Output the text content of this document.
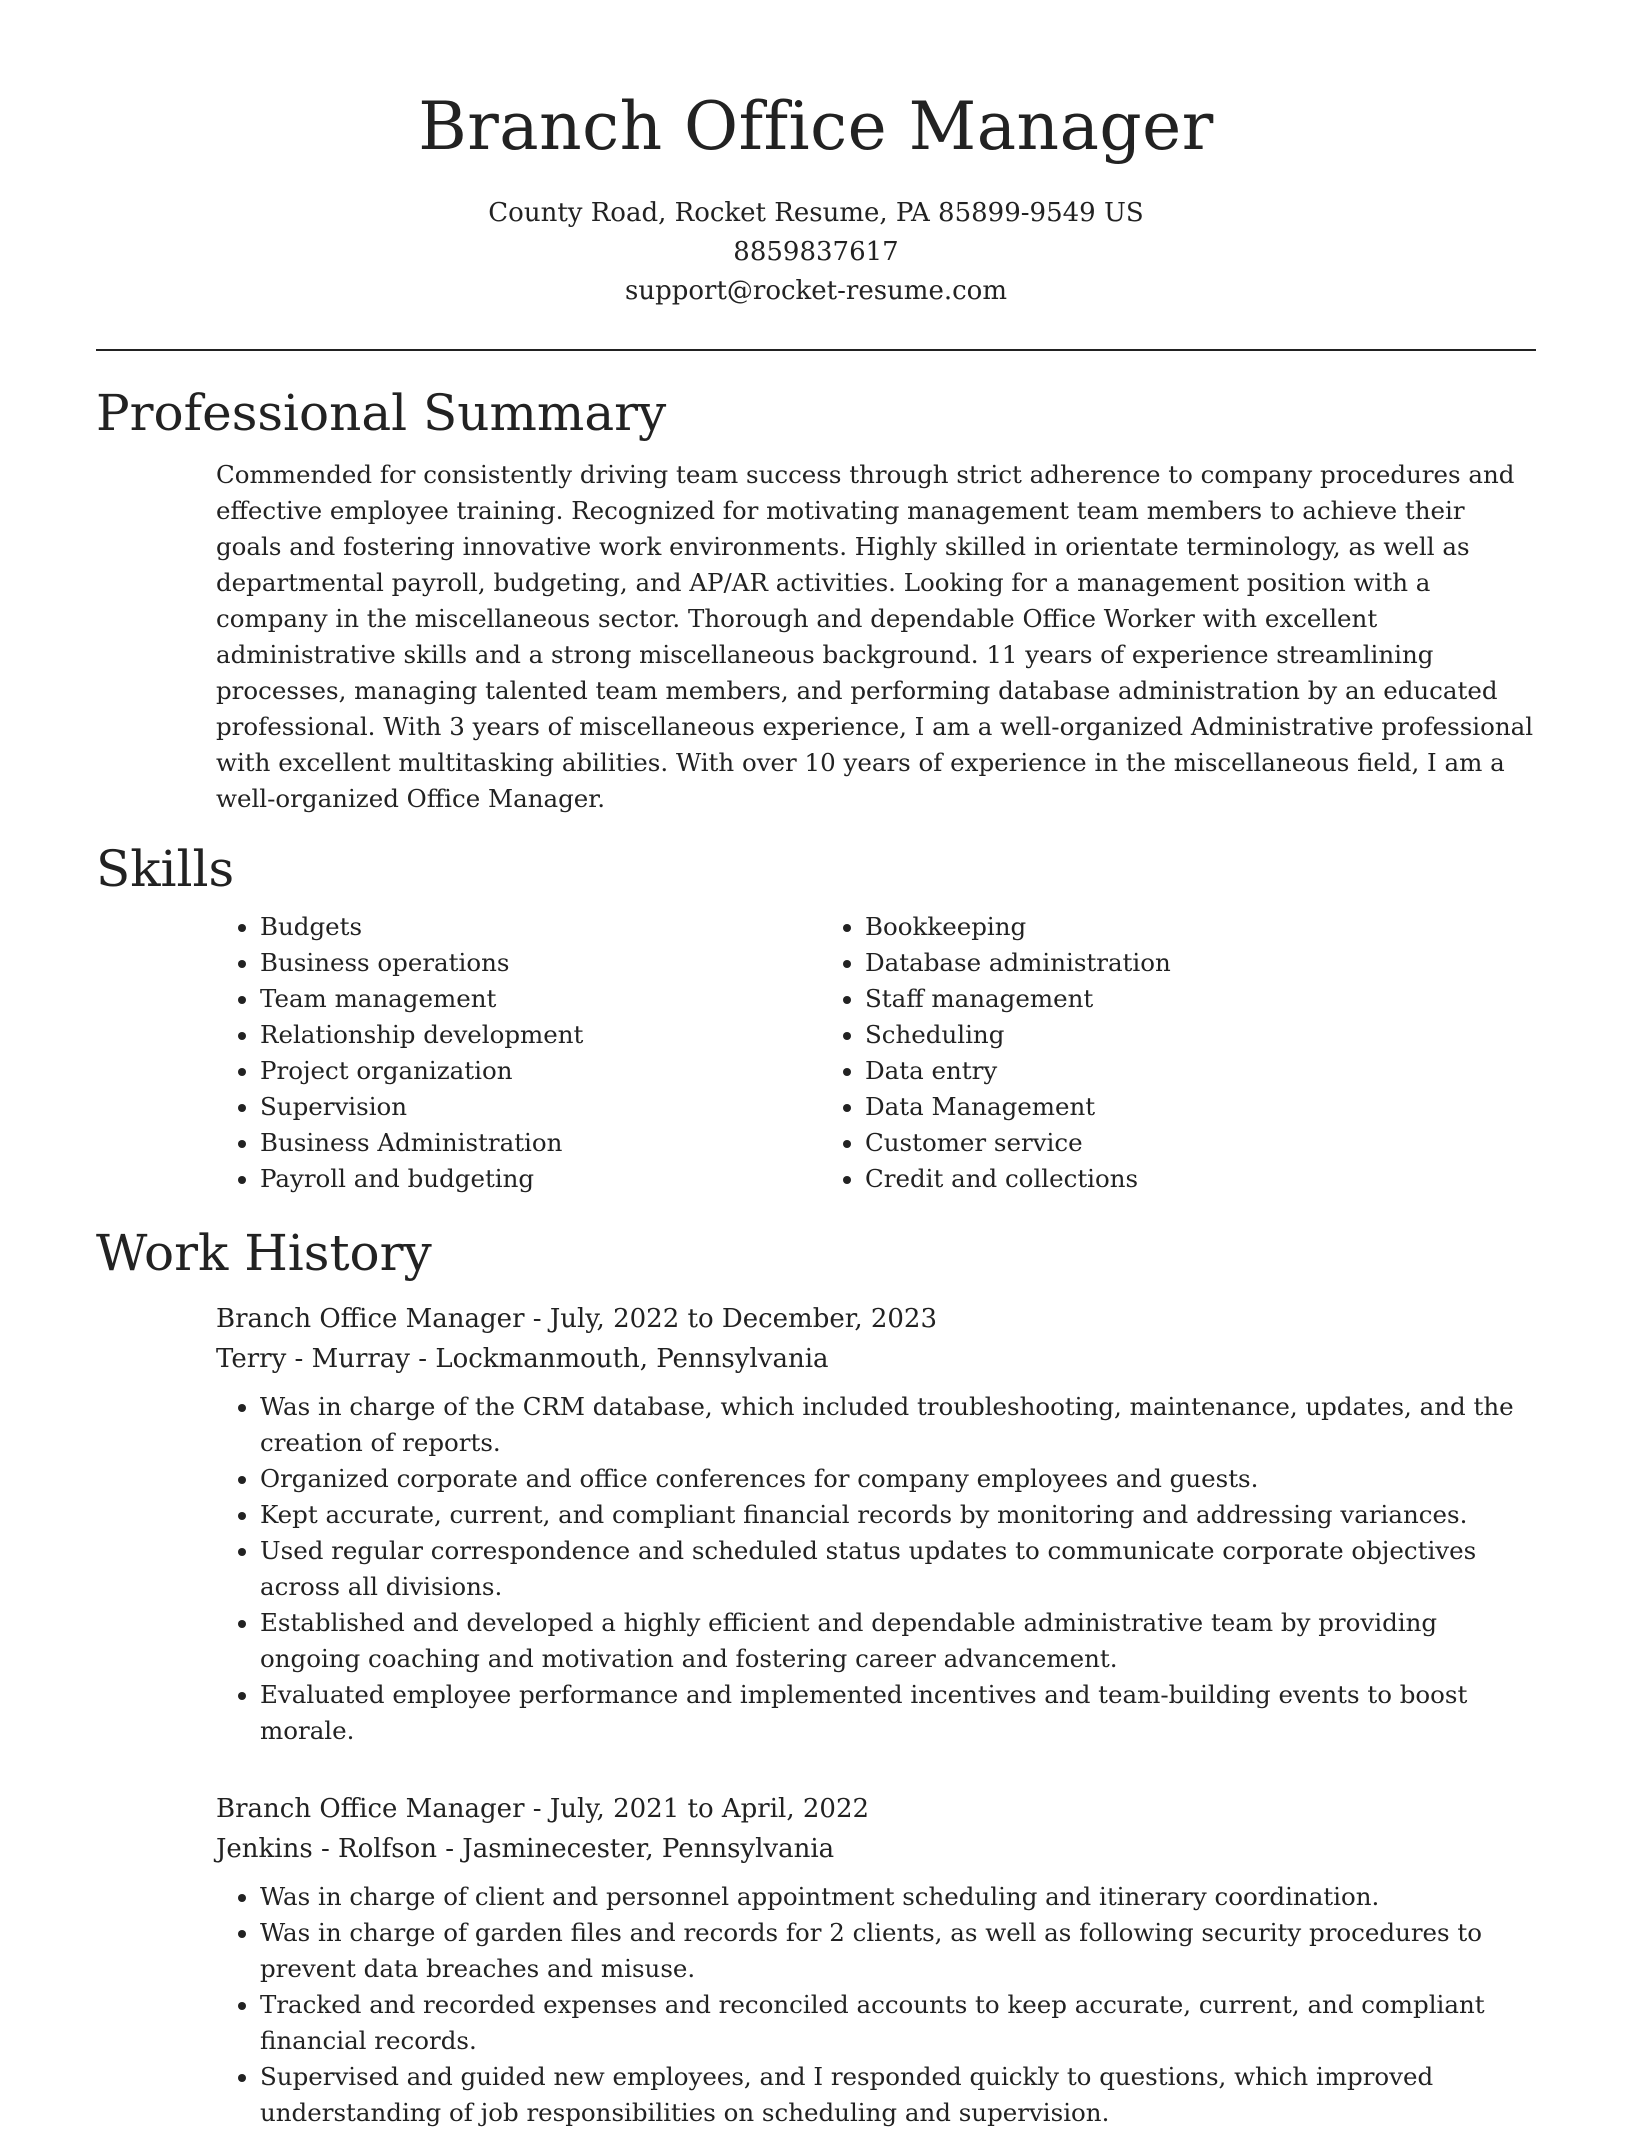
Branch Office Manager

County Road, Rocket Resume, PA 85899-9549 US

8859837617

support@rocket-resume.com

Professional Summary

Commended for consistently driving team success through strict adherence to company procedures and effective employee training. Recognized for motivating management team members to achieve their goals and fostering innovative work environments. Highly skilled in orientate terminology, as well as departmental payroll, budgeting, and AP/AR activities. Looking for a management position with a company in the miscellaneous sector. Thorough and dependable Office Worker with excellent administrative skills and a strong miscellaneous background. 11 years of experience streamlining processes, managing talented team members, and performing database administration by an educated professional. With 3 years of miscellaneous experience, I am a well-organized Administrative professional with excellent multitasking abilities. With over 10 years of experience in the miscellaneous field, I am a well-organized Office Manager.

Skills
• Budgets
• Business operations
• Team management
• Relationship development
• Project organization
• Supervision
• Business Administration
• Payroll and budgeting
• Bookkeeping
• Database administration
• Staff management
• Scheduling
• Data entry
• Data Management
• Customer service
• Credit and collections
Work History

Branch Office Manager - July, 2022 to December, 2023

Terry - Murray - Lockmanmouth, Pennsylvania

• Was in charge of the CRM database, which included troubleshooting, maintenance, updates, and the creation of reports.
• Organized corporate and office conferences for company employees and guests.
• Kept accurate, current, and compliant financial records by monitoring and addressing variances.
• Used regular correspondence and scheduled status updates to communicate corporate objectives across all divisions.
• Established and developed a highly efficient and dependable administrative team by providing ongoing coaching and motivation and fostering career advancement.
• Evaluated employee performance and implemented incentives and team-building events to boost morale.

Branch Office Manager - July, 2021 to April, 2022

Jenkins - Rolfson - Jasminecester, Pennsylvania

• Was in charge of client and personnel appointment scheduling and itinerary coordination.
• Was in charge of garden files and records for 2 clients, as well as following security procedures to prevent data breaches and misuse.
• Tracked and recorded expenses and reconciled accounts to keep accurate, current, and compliant financial records.
• Supervised and guided new employees, and I responded quickly to questions, which improved understanding of job responsibilities on scheduling and supervision.
